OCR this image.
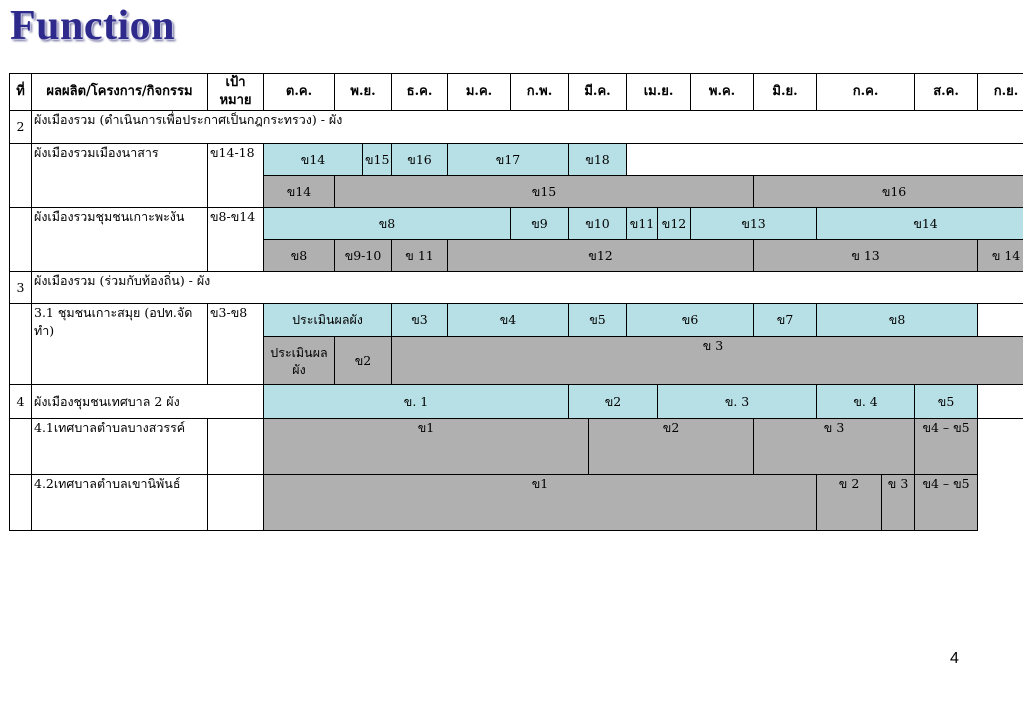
Function
ที่	ผลผลิต/โครงการ/กิจกรรม	เป้าหมาย	ต.ค.	พ.ย.		ธ.ค.	ม.ค.	ก.พ.	มี.ค.		เม.ย.		พ.ค.	มิ.ย.	ก.ค.		ส.ค.	ก.ย.
2	ผังเมืองรวม (ดำเนินการเพื่อประกาศเป็นกฎกระทรวง) - ผัง																	
	ผังเมืองรวมเมืองนาสาร	ข14-18	ข14		ข15	ข16	ข17		ข18									
			ข14	ข15										ข16				
	ผังเมืองรวมชุมชนเกาะพะงัน	ข8-ข14	ข8					ข9	ข10		ข11	ข12	ข13		ข14			
			ข8	ข9-10		ข 11	ข12							ข 13				ข 14
3	ผังเมืองรวม (ร่วมกับท้องถิ่น) - ผัง																	
	3.1 ชุมชนเกาะสมุย (อปท.จัดทำ)	ข3-ข8	ประเมินผลผัง			ข3	ข4		ข5		ข6			ข7	ข8			
			ประเมินผลผัง	ข2		ข 3												
4	ผังเมืองชุมชนเทศบาล 2 ผัง		ข. 1						ข2			ข. 3			ข. 4		ข5	
	4.1เทศบาลตำบลบางสวรรค์		ข1							ข2				ข 3			ข4 – ข5	
	4.2เทศบาลตำบลเขานิพันธ์		ข1												ข 2	ข 3	ข4 – ข5	
4
